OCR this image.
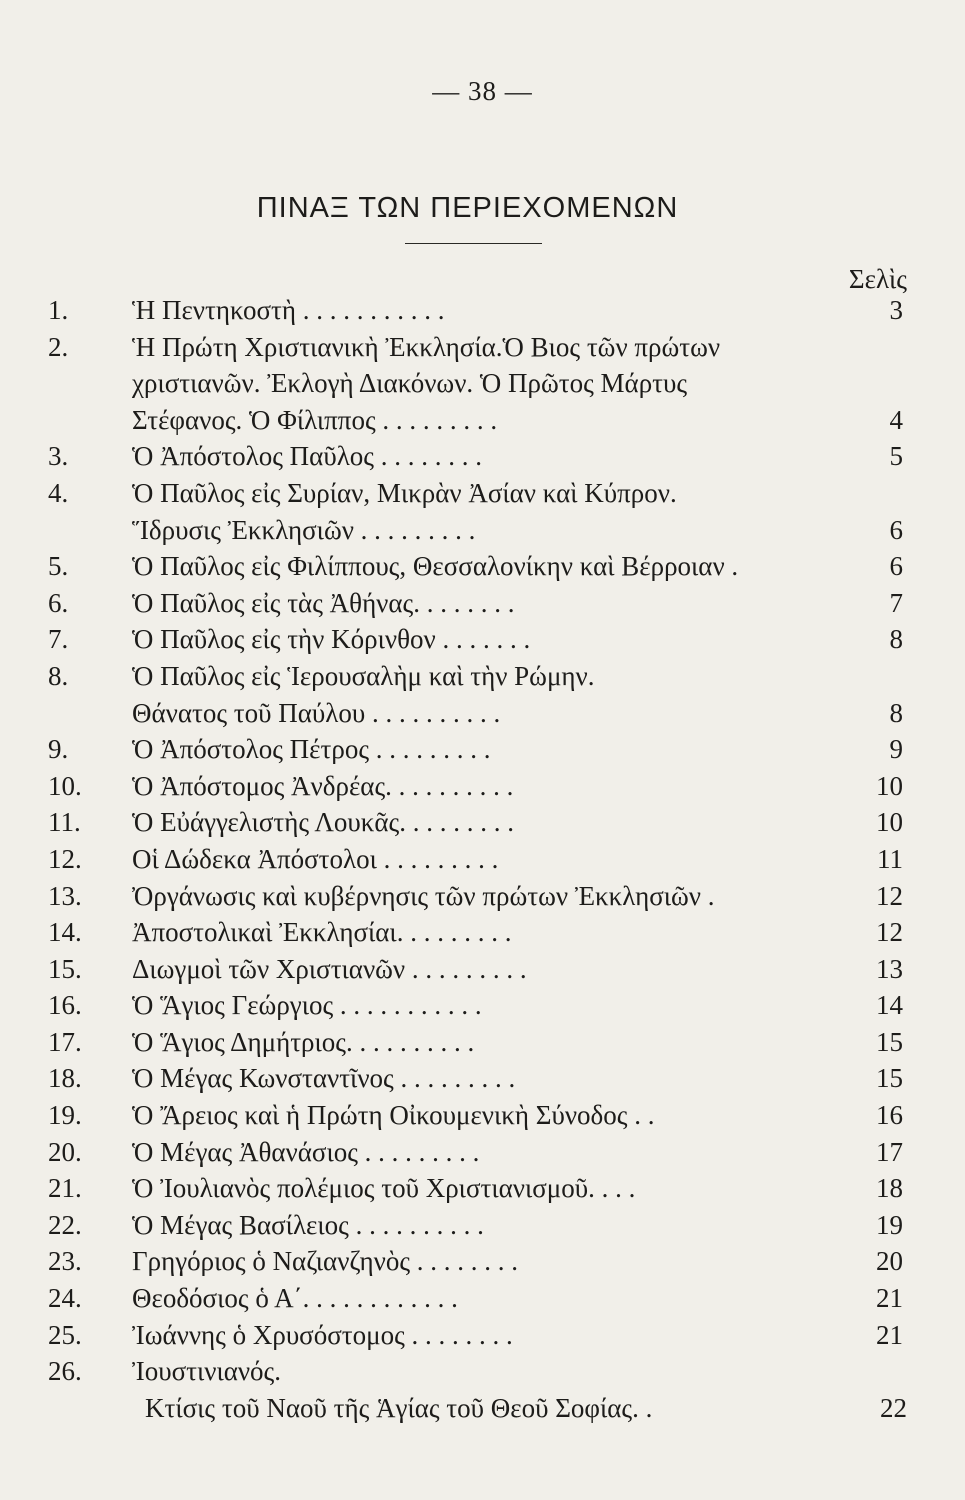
— 38 —
ΠΙΝΑΞ ΤΩΝ ΠΕΡΙΕΧΟΜΕΝΩΝ
Σελὶς
1. Ἡ Πεντηκοστὴ . . . . . . . . . . .	3
2. Ἡ Πρώτη Χριστιανικὴ Ἐκκλησία.Ὁ Βιος τῶν πρώτων
χριστιανῶν. Ἐκλογὴ Διακόνων. Ὁ Πρῶτος Μάρτυς
Στέφανος. Ὁ Φίλιππος . . . . . . . . .	4
3. Ὁ Ἀπόστολος Παῦλος . . . . . . . .	5
4. Ὁ Παῦλος εἰς Συρίαν, Μικρὰν Ἀσίαν καὶ Κύπρον.
Ἵδρυσις Ἐκκλησιῶν . . . . . . . . .	6
5. Ὁ Παῦλος εἰς Φιλίππους, Θεσσαλονίκην καὶ Βέρροιαν .	6
6. Ὁ Παῦλος εἰς τὰς Ἀθήνας. . . . . . . .	7
7. Ὁ Παῦλος εἰς τὴν Κόρινθον . . . . . . .	8
8. Ὁ Παῦλος εἰς Ἱερουσαλὴμ καὶ τὴν Ρώμην.
Θάνατος τοῦ Παύλου . . . . . . . . . .	8
9. Ὁ Ἀπόστολος Πέτρος . . . . . . . . .	9
10. Ὁ Ἀπόστομος Ἀνδρέας. . . . . . . . . .	10
11. Ὁ Εὐάγγελιστὴς Λουκᾶς. . . . . . . . .	10
12. Οἱ Δώδεκα Ἀπόστολοι . . . . . . . . .	11
13. Ὀργάνωσις καὶ κυβέρνησις τῶν πρώτων Ἐκκλησιῶν .	12
14. Ἀποστολικαὶ Ἐκκλησίαι. . . . . . . . .	12
15. Διωγμοὶ τῶν Χριστιανῶν . . . . . . . . .	13
16. Ὁ Ἅγιος Γεώργιος . . . . . . . . . . .	14
17. Ὁ Ἅγιος Δημήτριος. . . . . . . . . .	15
18. Ὁ Μέγας Κωνσταντῖνος . . . . . . . . .	15
19. Ὁ Ἄρειος καὶ ἡ Πρώτη Οἰκουμενικὴ Σύνοδος . .	16
20. Ὁ Μέγας Ἀθανάσιος . . . . . . . . .	17
21. Ὁ Ἰουλιανὸς πολέμιος τοῦ Χριστιανισμοῦ. . . .	18
22. Ὁ Μέγας Βασίλειος . . . . . . . . . .	19
23. Γρηγόριος ὁ Ναζιανζηνὸς . . . . . . . .	20
24. Θεοδόσιος ὁ Α΄. . . . . . . . . . . .	21
25. Ἰωάννης ὁ Χρυσόστομος . . . . . . . .	21
26. Ἰουστινιανός.
Κτίσις τοῦ Ναοῦ τῆς Ἁγίας τοῦ Θεοῦ Σοφίας. .	22
